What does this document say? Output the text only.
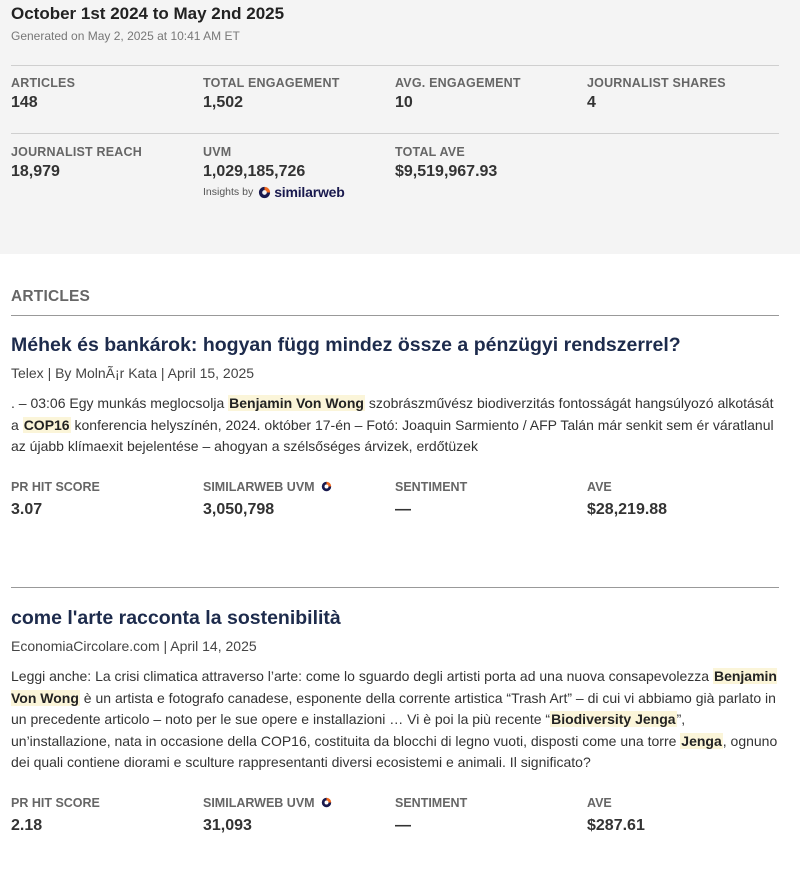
October 1st 2024 to May 2nd 2025
Generated on May 2, 2025 at 10:41 AM ET
ARTICLES
148
TOTAL ENGAGEMENT
1,502
AVG. ENGAGEMENT
10
JOURNALIST SHARES
4
JOURNALIST REACH
18,979
UVM
1,029,185,726
Insights by similarweb
TOTAL AVE
$9,519,967.93
ARTICLES
Méhek és bankárok: hogyan függ mindez össze a pénzügyi rendszerrel?
Telex | By MolnÃ¡r Kata | April 15, 2025
. – 03:06 Egy munkás meglocsolja Benjamin Von Wong szobrászművész biodiverzitás fontosságát hangsúlyozó alkotását a COP16 konferencia helyszínén, 2024. október 17-én – Fotó: Joaquin Sarmiento / AFP Talán már senkit sem ér váratlanul az újabb klímaexit bejelentése – ahogyan a szélsőséges árvizek, erdőtüzek
PR HIT SCORE
3.07
SIMILARWEB UVM
3,050,798
SENTIMENT
—
AVE
$28,219.88
come l'arte racconta la sostenibilità
EconomiaCircolare.com | April 14, 2025
Leggi anche: La crisi climatica attraverso l’arte: come lo sguardo degli artisti porta ad una nuova consapevolezza Benjamin Von Wong è un artista e fotografo canadese, esponente della corrente artistica “Trash Art” – di cui vi abbiamo già parlato in un precedente articolo – noto per le sue opere e installazioni … Vi è poi la più recente “Biodiversity Jenga”, un’installazione, nata in occasione della COP16, costituita da blocchi di legno vuoti, disposti come una torre Jenga, ognuno dei quali contiene diorami e sculture rappresentanti diversi ecosistemi e animali. Il significato?
PR HIT SCORE
2.18
SIMILARWEB UVM
31,093
SENTIMENT
—
AVE
$287.61
